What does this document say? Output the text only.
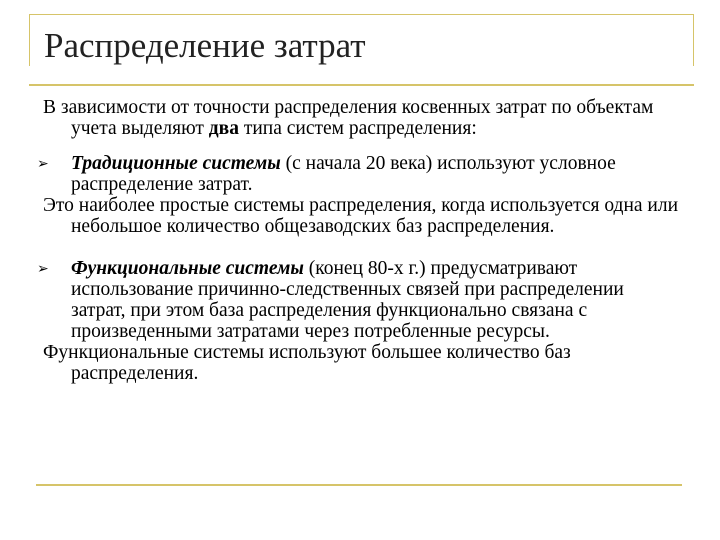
Распределение затрат

В зависимости от точности распределения косвенных затрат по объектам учета выделяют два типа систем распределения:

➢ Традиционные системы (с начала 20 века) используют условное распределение затрат.

Это наиболее простые системы распределения, когда используется одна или небольшое количество общезаводских баз распределения.

➢ Функциональные системы (конец 80-х г.) предусматривают использование причинно-следственных связей при распределении затрат, при этом база распределения функционально связана с произведенными затратами через потребленные ресурсы.

Функциональные системы используют большее количество баз распределения.
